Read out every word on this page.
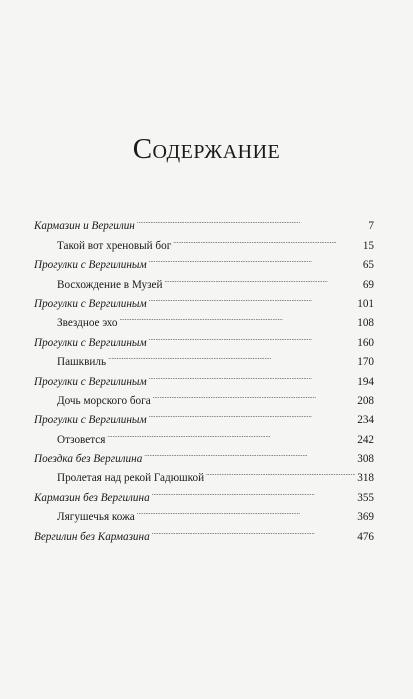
Содержание
Кармазин и Вергилин . . .	7
Такой вот хреновый бог . . .	15
Прогулки с Вергилиным . . .	65
Восхождение в Музей . . .	69
Прогулки с Вергилиным . . .	101
Звездное эхо . . .	108
Прогулки с Вергилиным . . .	160
Пашквиль . . .	170
Прогулки с Вергилиным . . .	194
Дочь морского бога . . .	208
Прогулки с Вергилиным . . .	234
Отзовется . . .	242
Поездка без Вергилина . . .	308
Пролетая над рекой Гадюшкой . . .	318
Кармазин без Вергилина . . .	355
Лягушечья кожа . . .	369
Вергилин без Кармазина . . .	476
